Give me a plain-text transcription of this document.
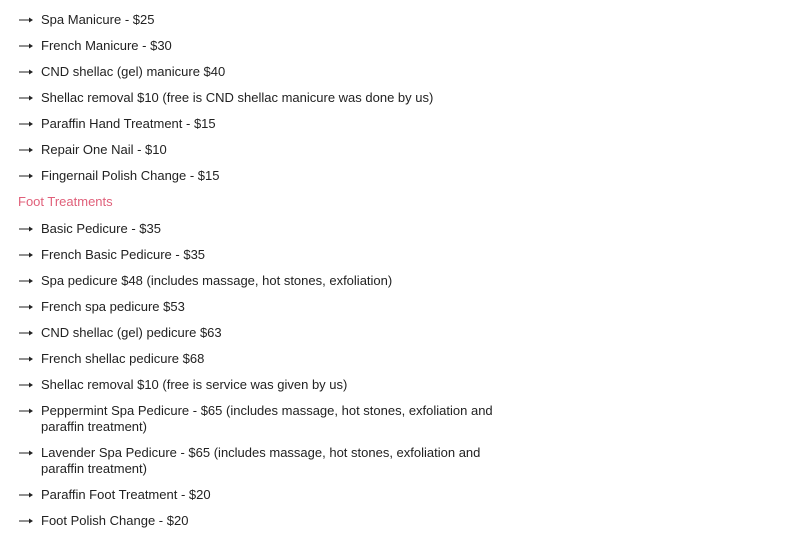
Spa Manicure - $25
French Manicure - $30
CND shellac (gel) manicure $40
Shellac removal $10 (free is CND shellac manicure was done by us)
Paraffin Hand Treatment - $15
Repair One Nail - $10
Fingernail Polish Change - $15
Foot Treatments
Basic Pedicure - $35
French Basic Pedicure - $35
Spa pedicure $48 (includes massage, hot stones, exfoliation)
French spa pedicure $53
CND shellac (gel) pedicure $63
French shellac pedicure $68
Shellac removal $10 (free is service was given by us)
Peppermint Spa Pedicure - $65 (includes massage, hot stones, exfoliation and paraffin treatment)
Lavender Spa Pedicure - $65 (includes massage, hot stones, exfoliation and paraffin treatment)
Paraffin Foot Treatment - $20
Foot Polish Change - $20
